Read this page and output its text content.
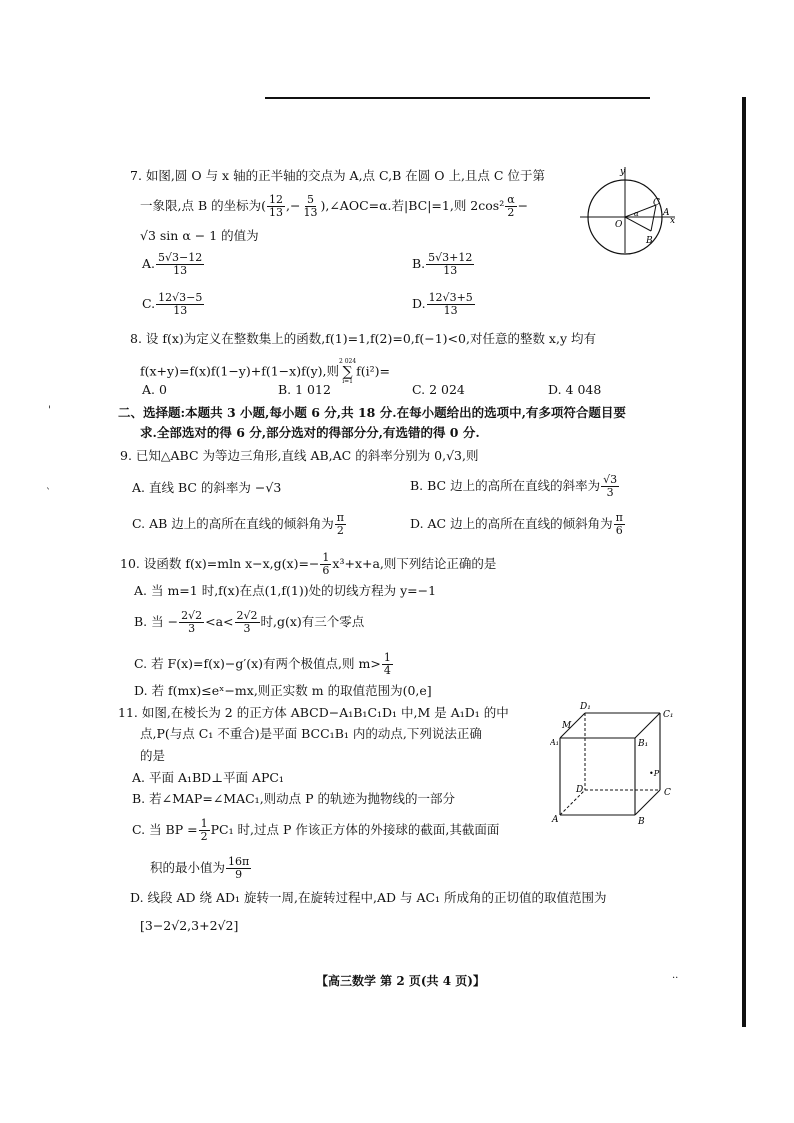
7. 如图,圆 O 与 x 轴的正半轴的交点为 A,点 C,B 在圆 O 上,且点 C 位于第
一象限,点 B 的坐标为( $\frac{12}{13}$ ,− $\frac{5}{13}$ ),∠AOC=α.若|BC|=1,则 $2\cos^2 \frac{\alpha}{2}$ −
√3 sin α − 1 的值为
A. $\frac{5√3-12}{13}$	B. $\frac{5√3+12}{13}$
C. $\frac{12√3-5}{13}$	D. $\frac{12√3+5}{13}$
y
x
O
A
C
B
α
8. 设 f(x)为定义在整数集上的函数,f(1)=1,f(2)=0,f(−1)<0,对任意的整数 x,y 均有
f(x+y)=f(x)f(1−y)+f(1−x)f(y),则
2 024
∑
i=1
f(i²)=
A. 0	B. 1 012	C. 2 024	D. 4 048
'
`
二、选择题:本题共 3 小题,每小题 6 分,共 18 分.在每小题给出的选项中,有多项符合题目要
求.全部选对的得 6 分,部分选对的得部分分,有选错的得 0 分.
9. 已知△ABC 为等边三角形,直线 AB,AC 的斜率分别为 0,√3,则
A. 直线 BC 的斜率为 −√3	B. BC 边上的高所在直线的斜率为 $\frac{√3}{3}$
C. AB 边上的高所在直线的倾斜角为 $\frac{\pi}{2}$	D. AC 边上的高所在直线的倾斜角为 $\frac{\pi}{6}$
10. 设函数 f(x)=mln $x-x,g(x)=- \frac{1}{6} x^3+x+a$,则下列结论正确的是
A. 当 m=1 时,f(x)在点(1,f(1))处的切线方程为 y=−1
B. 当 − $\frac{2√2}{3} <a< \frac{2√2}{3}$ 时,g(x)有三个零点
C. 若 F(x)=f(x)−g′(x)有两个极值点,则 $m> \frac{1}{4}$
D. 若 f(mx)≤eˣ−mx,则正实数 m 的取值范围为(0,e]
11. 如图,在棱长为 2 的正方体 ABCD−A₁B₁C₁D₁ 中,M 是 A₁D₁ 的中
点,P(与点 C₁ 不重合)是平面 BCC₁B₁ 内的动点,下列说法正确
的是
A. 平面 A₁BD⊥平面 APC₁
B. 若∠MAP=∠MAC₁,则动点 P 的轨迹为抛物线的一部分
C. 当 BP = $\frac{1}{2} PC_1$ 时,过点 P 作该正方体的外接球的截面,其截面面
积的最小值为 $\frac{16\pi}{9}$
D. 线段 AD 绕 AD₁ 旋转一周,在旋转过程中,AD 与 AC₁ 所成角的正切值的取值范围为
[3−2√2,3+2√2]
D₁
C₁
M
A₁	B₁
•P
D	C
A	B
【高三数学 第 2 页(共 4 页)】	..
